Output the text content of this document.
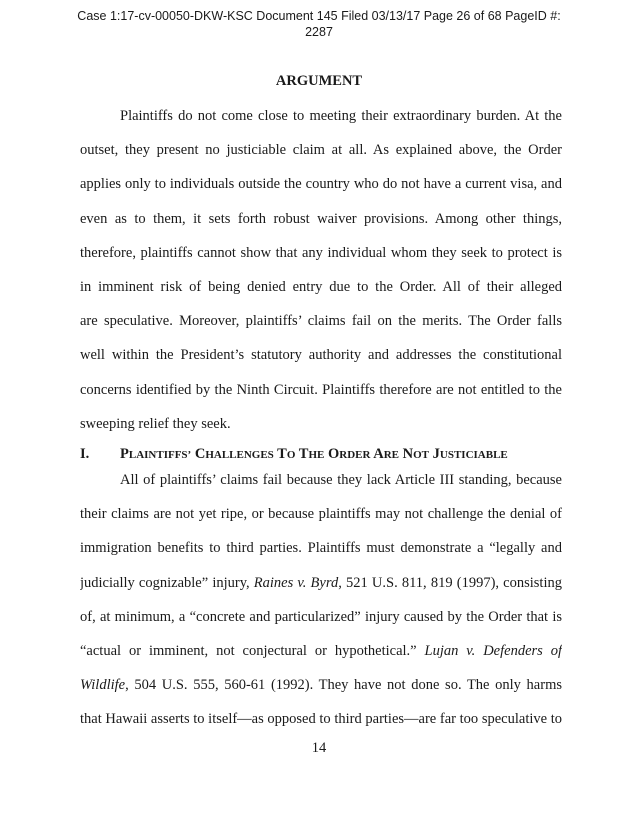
Case 1:17-cv-00050-DKW-KSC Document 145 Filed 03/13/17 Page 26 of 68 PageID #:
2287
ARGUMENT
Plaintiffs do not come close to meeting their extraordinary burden. At the
outset, they present no justiciable claim at all. As explained above, the Order
applies only to individuals outside the country who do not have a current visa, and
even as to them, it sets forth robust waiver provisions. Among other things,
therefore, plaintiffs cannot show that any individual whom they seek to protect is
in imminent risk of being denied entry due to the Order. All of their alleged
are speculative. Moreover, plaintiffs’ claims fail on the merits. The Order falls
well within the President’s statutory authority and addresses the constitutional
concerns identified by the Ninth Circuit. Plaintiffs therefore are not entitled to the
sweeping relief they seek.
I. PLAINTIFFS’ CHALLENGES TO THE ORDER ARE NOT JUSTICIABLE
All of plaintiffs’ claims fail because they lack Article III standing, because
their claims are not yet ripe, or because plaintiffs may not challenge the denial of
immigration benefits to third parties. Plaintiffs must demonstrate a “legally and
judicially cognizable” injury, Raines v. Byrd, 521 U.S. 811, 819 (1997), consisting
of, at minimum, a “concrete and particularized” injury caused by the Order that is
“actual or imminent, not conjectural or hypothetical.” Lujan v. Defenders of
Wildlife, 504 U.S. 555, 560-61 (1992). They have not done so. The only harms
that Hawaii asserts to itself—as opposed to third parties—are far too speculative to
14
